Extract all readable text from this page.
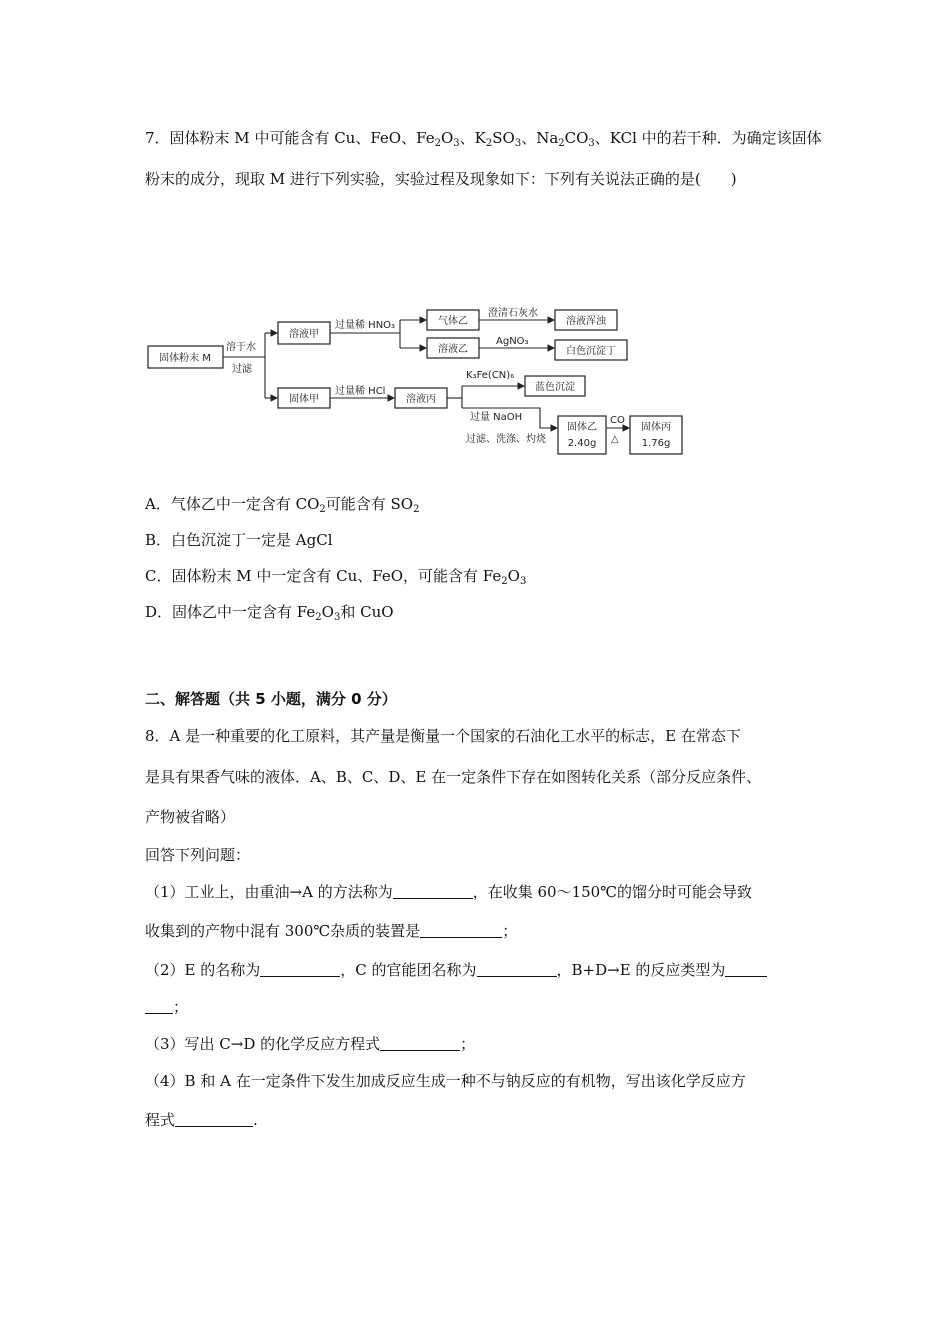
7．固体粉末 M 中可能含有 Cu、FeO、$Fe_2O_3$、$K_2SO_3$、$Na_2CO_3$、KCl 中的若干种．为确定该固体
粉末的成分，现取 M 进行下列实验，实验过程及现象如下：下列有关说法正确的是( )
固体粉末 M
溶液甲
气体乙	溶液浑浊
溶液乙	白色沉淀丁
固体甲	溶液丙
蓝色沉淀
固体乙
2.40g
固体丙
1.76g
溶于水
过滤
过量稀 HNO₃
澄清石灰水
AgNO₃
过量稀 HCl
K₃Fe(CN)₆
过量 NaOH
过滤、洗涤、灼烧
CO
△
A．气体乙中一定含有 $CO_2$可能含有 $SO_2$
B．白色沉淀丁一定是 AgCl
C．固体粉末 M 中一定含有 Cu、FeO，可能含有 $Fe_2O_3$
D．固体乙中一定含有 $Fe_2O_3$和 CuO
二、解答题（共 5 小题，满分 0 分）
8．A 是一种重要的化工原料，其产量是衡量一个国家的石油化工水平的标志，E 在常态下
是具有果香气味的液体．A、B、C、D、E 在一定条件下存在如图转化关系（部分反应条件、
产物被省略）
回答下列问题：
（1）工业上，由重油→A 的方法称为	，在收集 60～150℃的馏分时可能会导致
收集到的产物中混有 300℃杂质的装置是	；
（2）E 的名称为	，C 的官能团名称为	，B+D→E 的反应类型为
；
（3）写出 C→D 的化学反应方程式	；
（4）B 和 A 在一定条件下发生加成反应生成一种不与钠反应的有机物，写出该化学反应方
程式	.
